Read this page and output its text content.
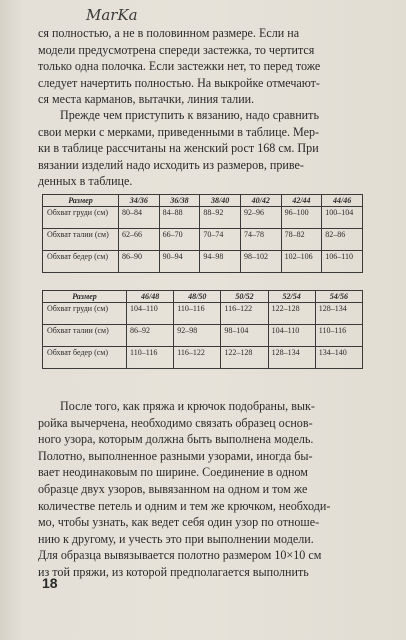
MarKa

ся полностью, а не в половинном размере. Если на
модели предусмотрена спереди застежка, то чертится
только одна полочка. Если застежки нет, то перед тоже
следует начертить полностью. На выкройке отмечают-
ся места карманов, вытачки, линия талии.

Прежде чем приступить к вязанию, надо сравнить
свои мерки с мерками, приведенными в таблице. Мер-
ки в таблице рассчитаны на женский рост 168 см. При
вязании изделий надо исходить из размеров, приве-
денных в таблице.

Размер	34/36	36/38	38/40	40/42	42/44	44/46
Обхват груди (см)	80–84	84–88	88–92	92–96	96–100	100–104
Обхват талии (см)	62–66	66–70	70–74	74–78	78–82	82–86
Обхват бедер (см)	86–90	90–94	94–98	98–102	102–106	106–110
Размер	46/48	48/50	50/52	52/54	54/56
Обхват груди (см)	104–110	110–116	116–122	122–128	128–134
Обхват талии (см)	86–92	92–98	98–104	104–110	110–116
Обхват бедер (см)	110–116	116–122	122–128	128–134	134–140

После того, как пряжа и крючок подобраны, вык-
ройка вычерчена, необходимо связать образец основ-
ного узора, которым должна быть выполнена модель.
Полотно, выполненное разными узорами, иногда бы-
вает неодинаковым по ширине. Соединение в одном
образце двух узоров, вывязанном на одном и том же
количестве петель и одним и тем же крючком, необходи-
мо, чтобы узнать, как ведет себя один узор по отноше-
нию к другому, и учесть это при выполнении модели.
Для образца вывязывается полотно размером 10×10 см
из той пряжи, из которой предполагается выполнить

18
